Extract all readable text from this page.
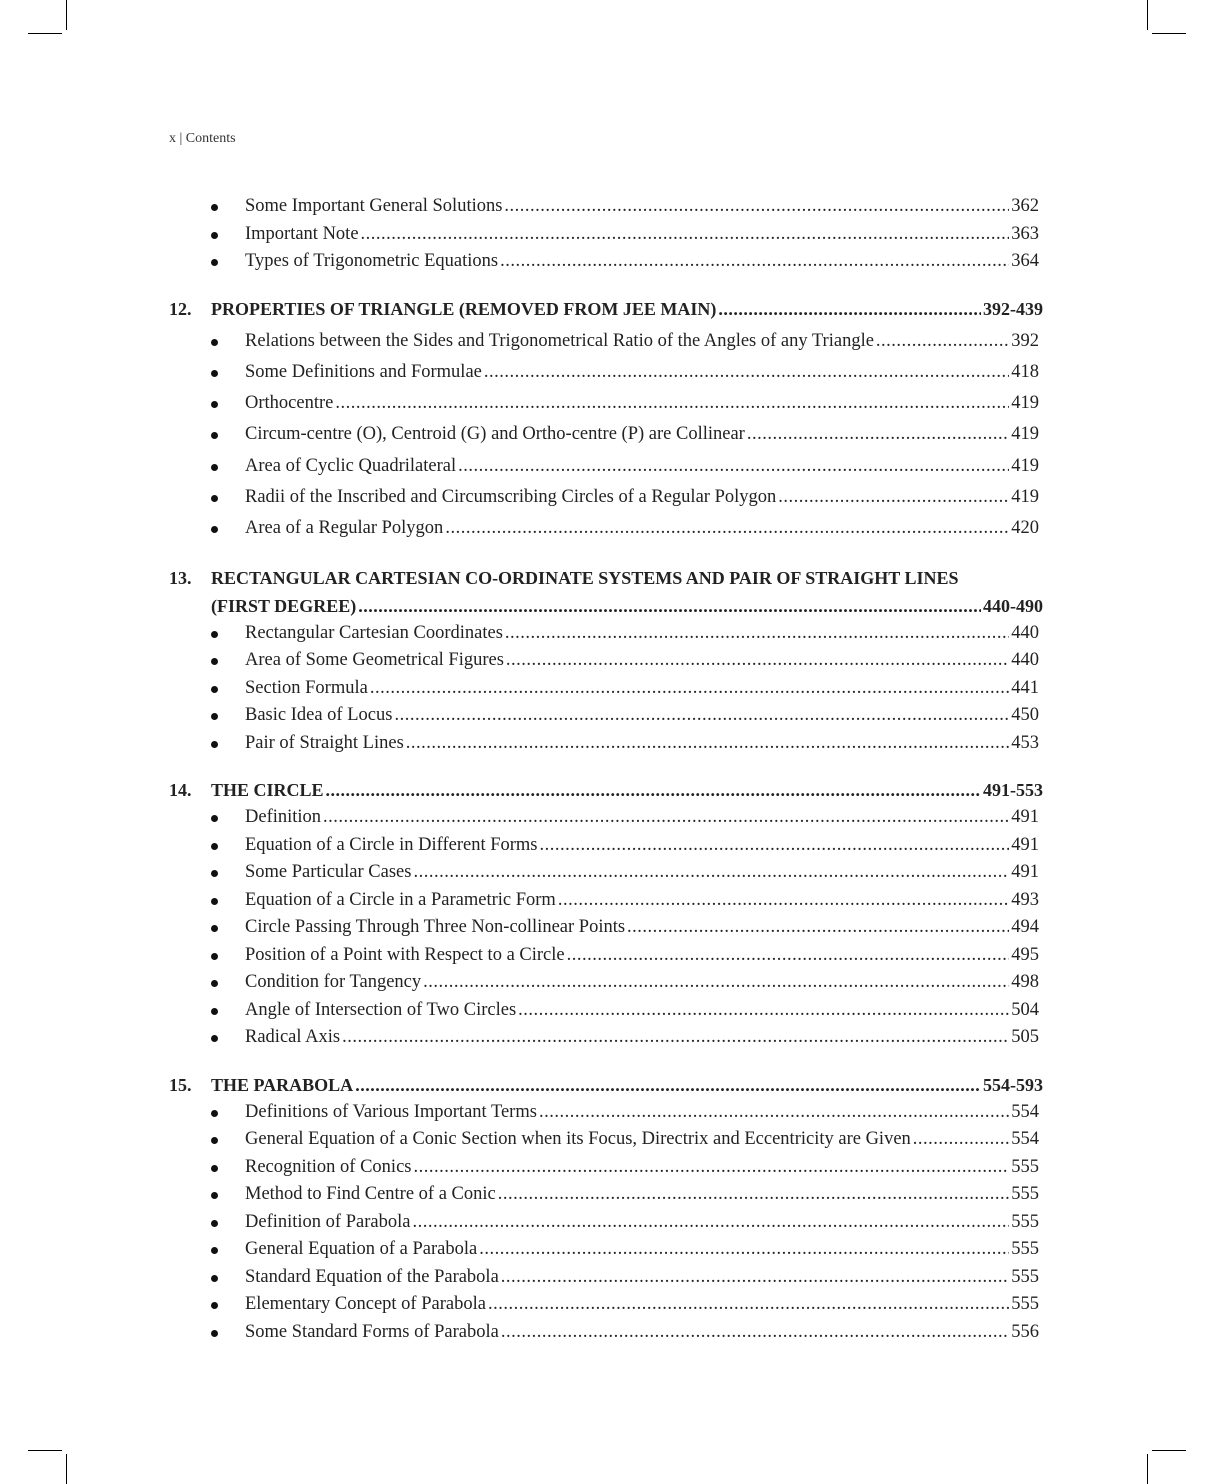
x | Contents
Some Important General Solutions .....	362
Important Note .....	363
Types of Trigonometric Equations .....	364
12.	PROPERTIES OF TRIANGLE (REMOVED FROM JEE MAIN) .....	392-439
Relations between the Sides and Trigonometrical Ratio of the Angles of any Triangle .....	392
Some Definitions and Formulae .....	418
Orthocentre .....	419
Circum-centre (O), Centroid (G) and Ortho-centre (P) are Collinear .....	419
Area of Cyclic Quadrilateral .....	419
Radii of the Inscribed and Circumscribing Circles of a Regular Polygon .....	419
Area of a Regular Polygon .....	420
13.	RECTANGULAR CARTESIAN CO-ORDINATE SYSTEMS AND PAIR OF STRAIGHT LINES
(FIRST DEGREE) .....	440-490
Rectangular Cartesian Coordinates .....	440
Area of Some Geometrical Figures .....	440
Section Formula .....	441
Basic Idea of Locus .....	450
Pair of Straight Lines .....	453
14.	THE CIRCLE .....	491-553
Definition .....	491
Equation of a Circle in Different Forms .....	491
Some Particular Cases .....	491
Equation of a Circle in a Parametric Form .....	493
Circle Passing Through Three Non-collinear Points .....	494
Position of a Point with Respect to a Circle .....	495
Condition for Tangency .....	498
Angle of Intersection of Two Circles .....	504
Radical Axis .....	505
15.	THE PARABOLA .....	554-593
Definitions of Various Important Terms .....	554
General Equation of a Conic Section when its Focus, Directrix and Eccentricity are Given .....	554
Recognition of Conics .....	555
Method to Find Centre of a Conic .....	555
Definition of Parabola .....	555
General Equation of a Parabola .....	555
Standard Equation of the Parabola .....	555
Elementary Concept of Parabola .....	555
Some Standard Forms of Parabola .....	556
